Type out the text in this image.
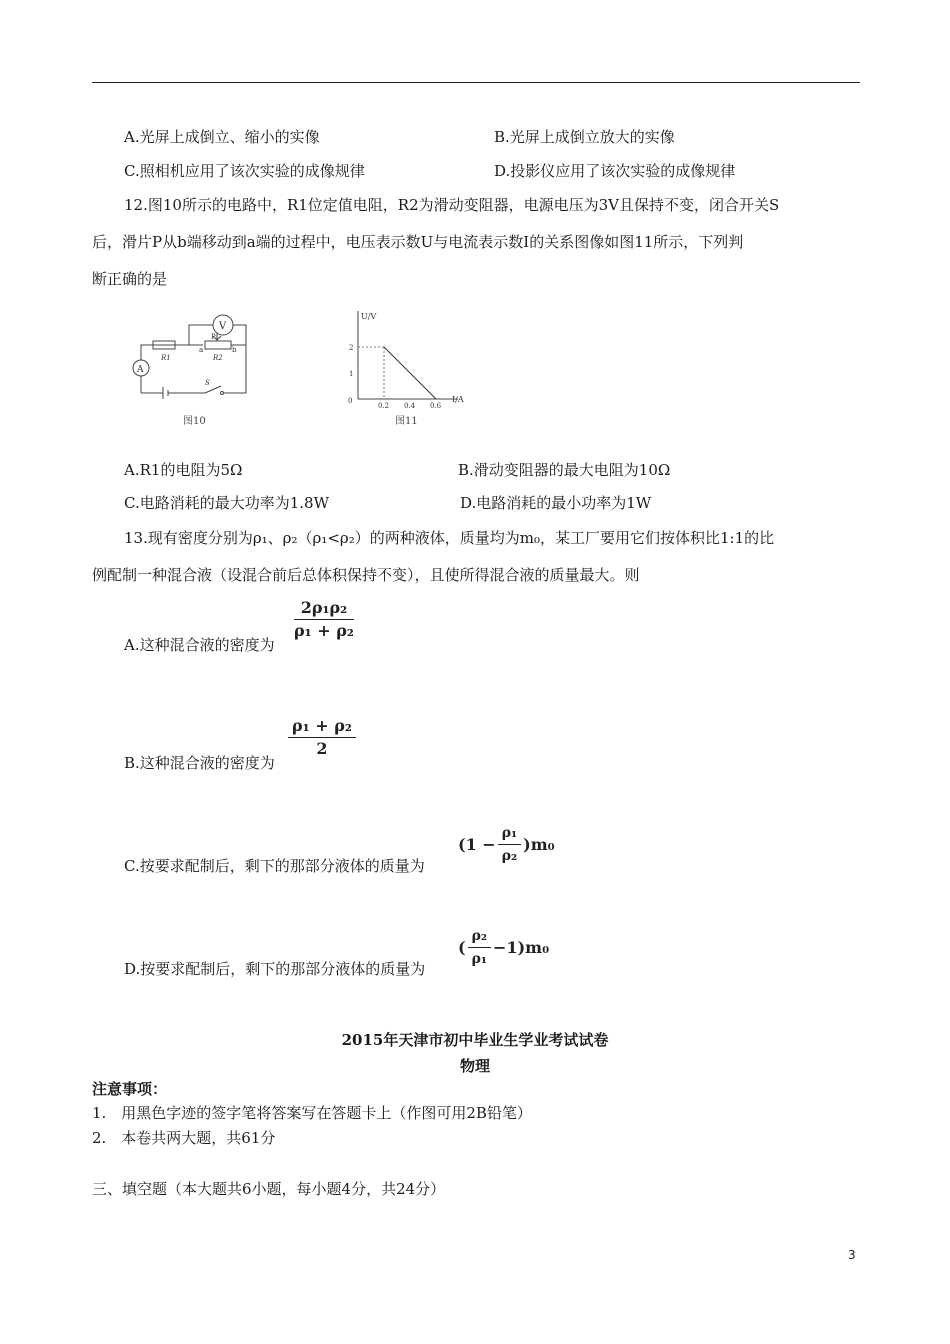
A.光屏上成倒立、缩小的实像	B.光屏上成倒立放大的实像
C.照相机应用了该次实验的成像规律	D.投影仪应用了该次实验的成像规律
12.图10所示的电路中，R1位定值电阻，R2为滑动变阻器，电源电压为3V且保持不变，闭合开关S
后，滑片P从b端移动到a端的过程中，电压表示数U与电流表示数I的关系图像如图11所示，下列判
断正确的是
V
A
R1	R2
P
a	b
S
图10
U/V
I/A
0
1
2
0.2 0.4 0.6
图11
A.R1的电阻为5Ω	B.滑动变阻器的最大电阻为10Ω
C.电路消耗的最大功率为1.8W	D.电路消耗的最小功率为1W
13.现有密度分别为ρ₁、ρ₂（ρ₁<ρ₂）的两种液体，质量均为m₀，某工厂要用它们按体积比1:1的比
例配制一种混合液（设混合前后总体积保持不变），且使所得混合液的质量最大。则
A.这种混合液的密度为
$\frac{\text{2ρ₁ρ₂}}{\text{ρ₁ + ρ₂}}$
B.这种混合液的密度为
$\frac{\text{ρ₁ + ρ₂}}{2}$
C.按要求配制后，剩下的那部分液体的质量为
$(1 - \frac{\text{ρ₁}}{\text{ρ₂}} )m_0$
D.按要求配制后，剩下的那部分液体的质量为
( $\frac{\text{ρ₂}}{\text{ρ₁}} -1)m_0$
2015年天津市初中毕业生学业考试试卷
物理
注意事项：
1.　用黑色字迹的签字笔将答案写在答题卡上（作图可用2B铅笔）
2.　本卷共两大题，共61分
三、填空题（本大题共6小题，每小题4分，共24分）
3
